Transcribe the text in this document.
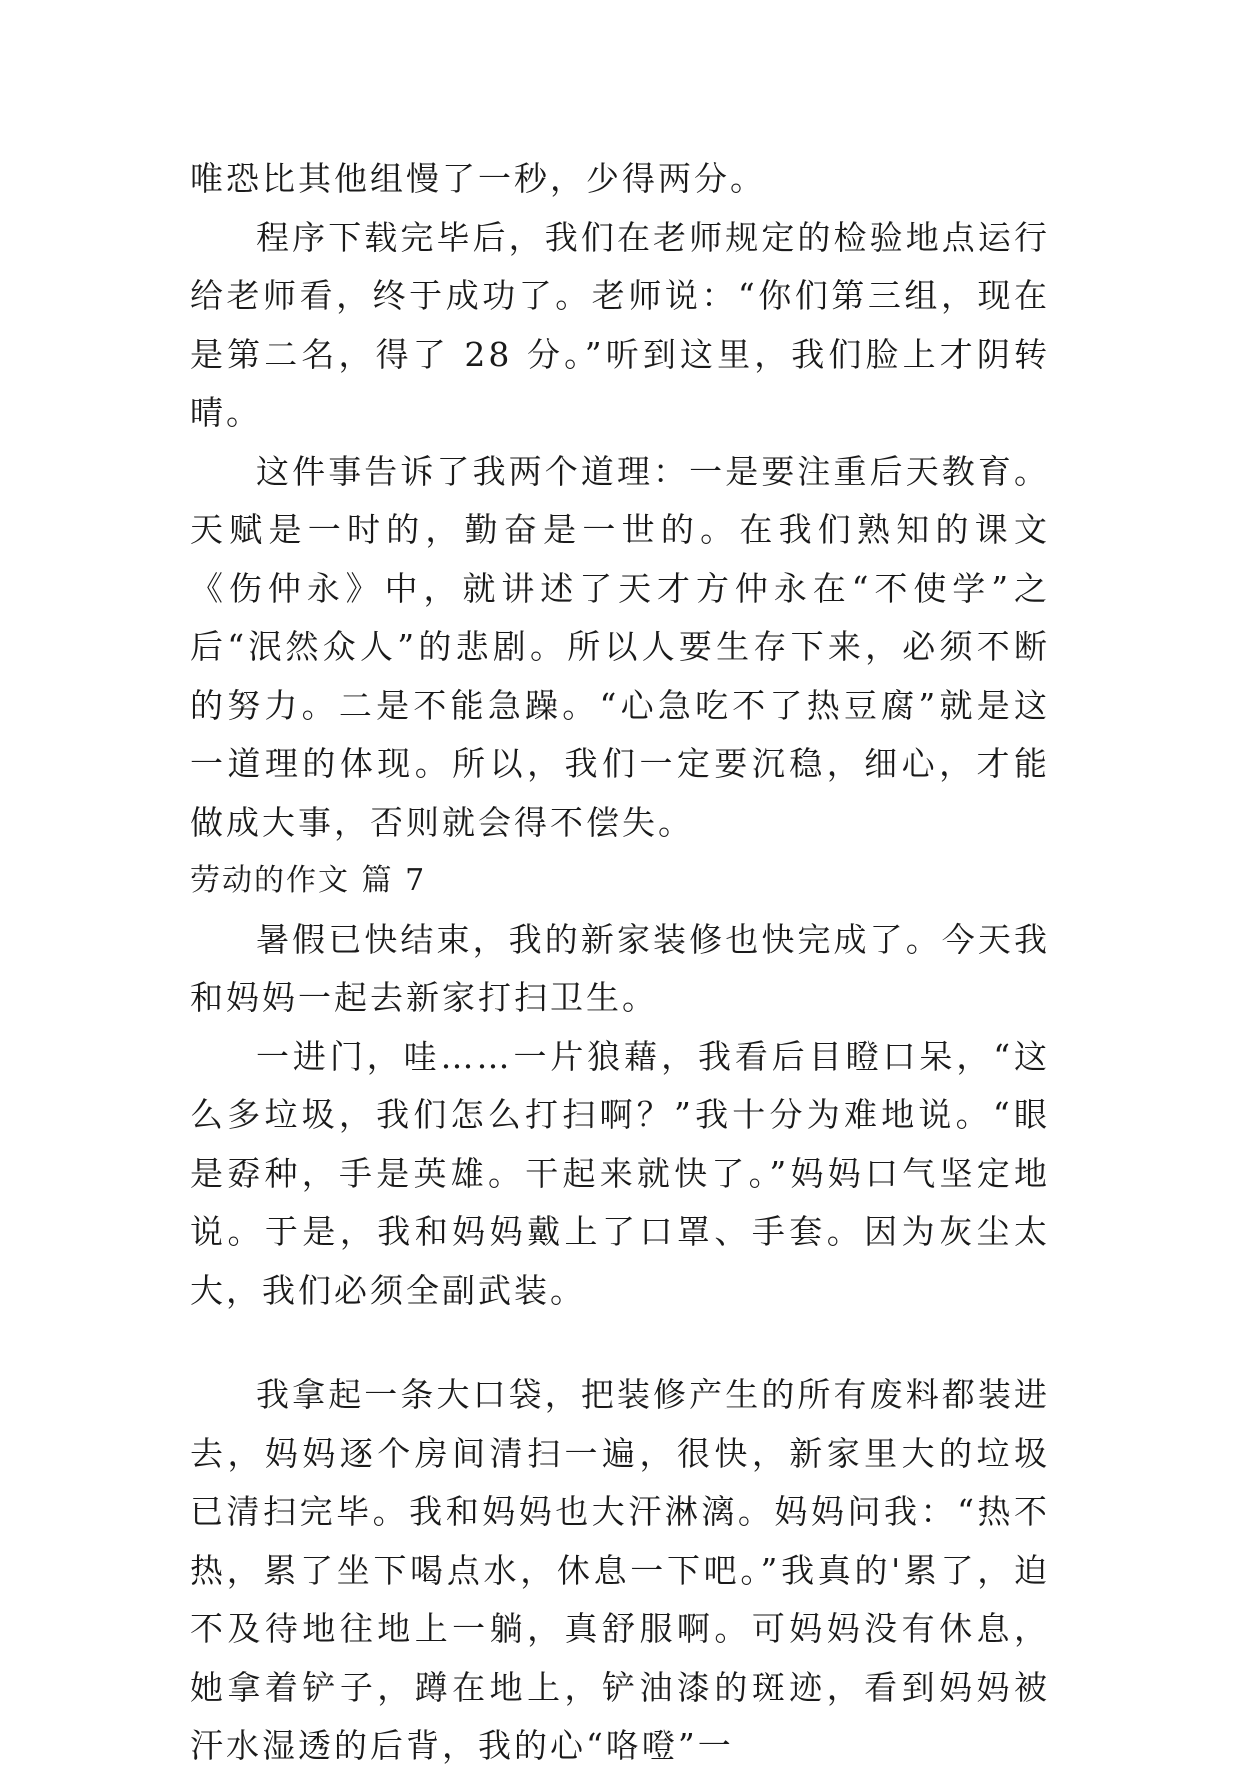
唯恐比其他组慢了一秒，少得两分。

程序下载完毕后，我们在老师规定的检验地点运行给老师看，终于成功了。老师说：“你们第三组，现在是第二名，得了 28 分。”听到这里，我们脸上才阴转晴。

这件事告诉了我两个道理：一是要注重后天教育。天赋是一时的，勤奋是一世的。在我们熟知的课文《伤仲永》中，就讲述了天才方仲永在“不使学”之后“泯然众人”的悲剧。所以人要生存下来，必须不断的努力。二是不能急躁。“心急吃不了热豆腐”就是这一道理的体现。所以，我们一定要沉稳，细心，才能做成大事，否则就会得不偿失。

劳动的作文 篇 7

暑假已快结束，我的新家装修也快完成了。今天我和妈妈一起去新家打扫卫生。

一进门，哇……一片狼藉，我看后目瞪口呆，“这么多垃圾，我们怎么打扫啊？”我十分为难地说。“眼是孬种，手是英雄。干起来就快了。”妈妈口气坚定地说。于是，我和妈妈戴上了口罩、手套。因为灰尘太大，我们必须全副武装。

我拿起一条大口袋，把装修产生的所有废料都装进去，妈妈逐个房间清扫一遍，很快，新家里大的垃圾已清扫完毕。我和妈妈也大汗淋漓。妈妈问我：“热不热，累了坐下喝点水，休息一下吧。”我真的'累了，迫不及待地往地上一躺，真舒服啊。可妈妈没有休息，她拿着铲子，蹲在地上，铲油漆的斑迹，看到妈妈被汗水湿透的后背，我的心“咯噔”一
